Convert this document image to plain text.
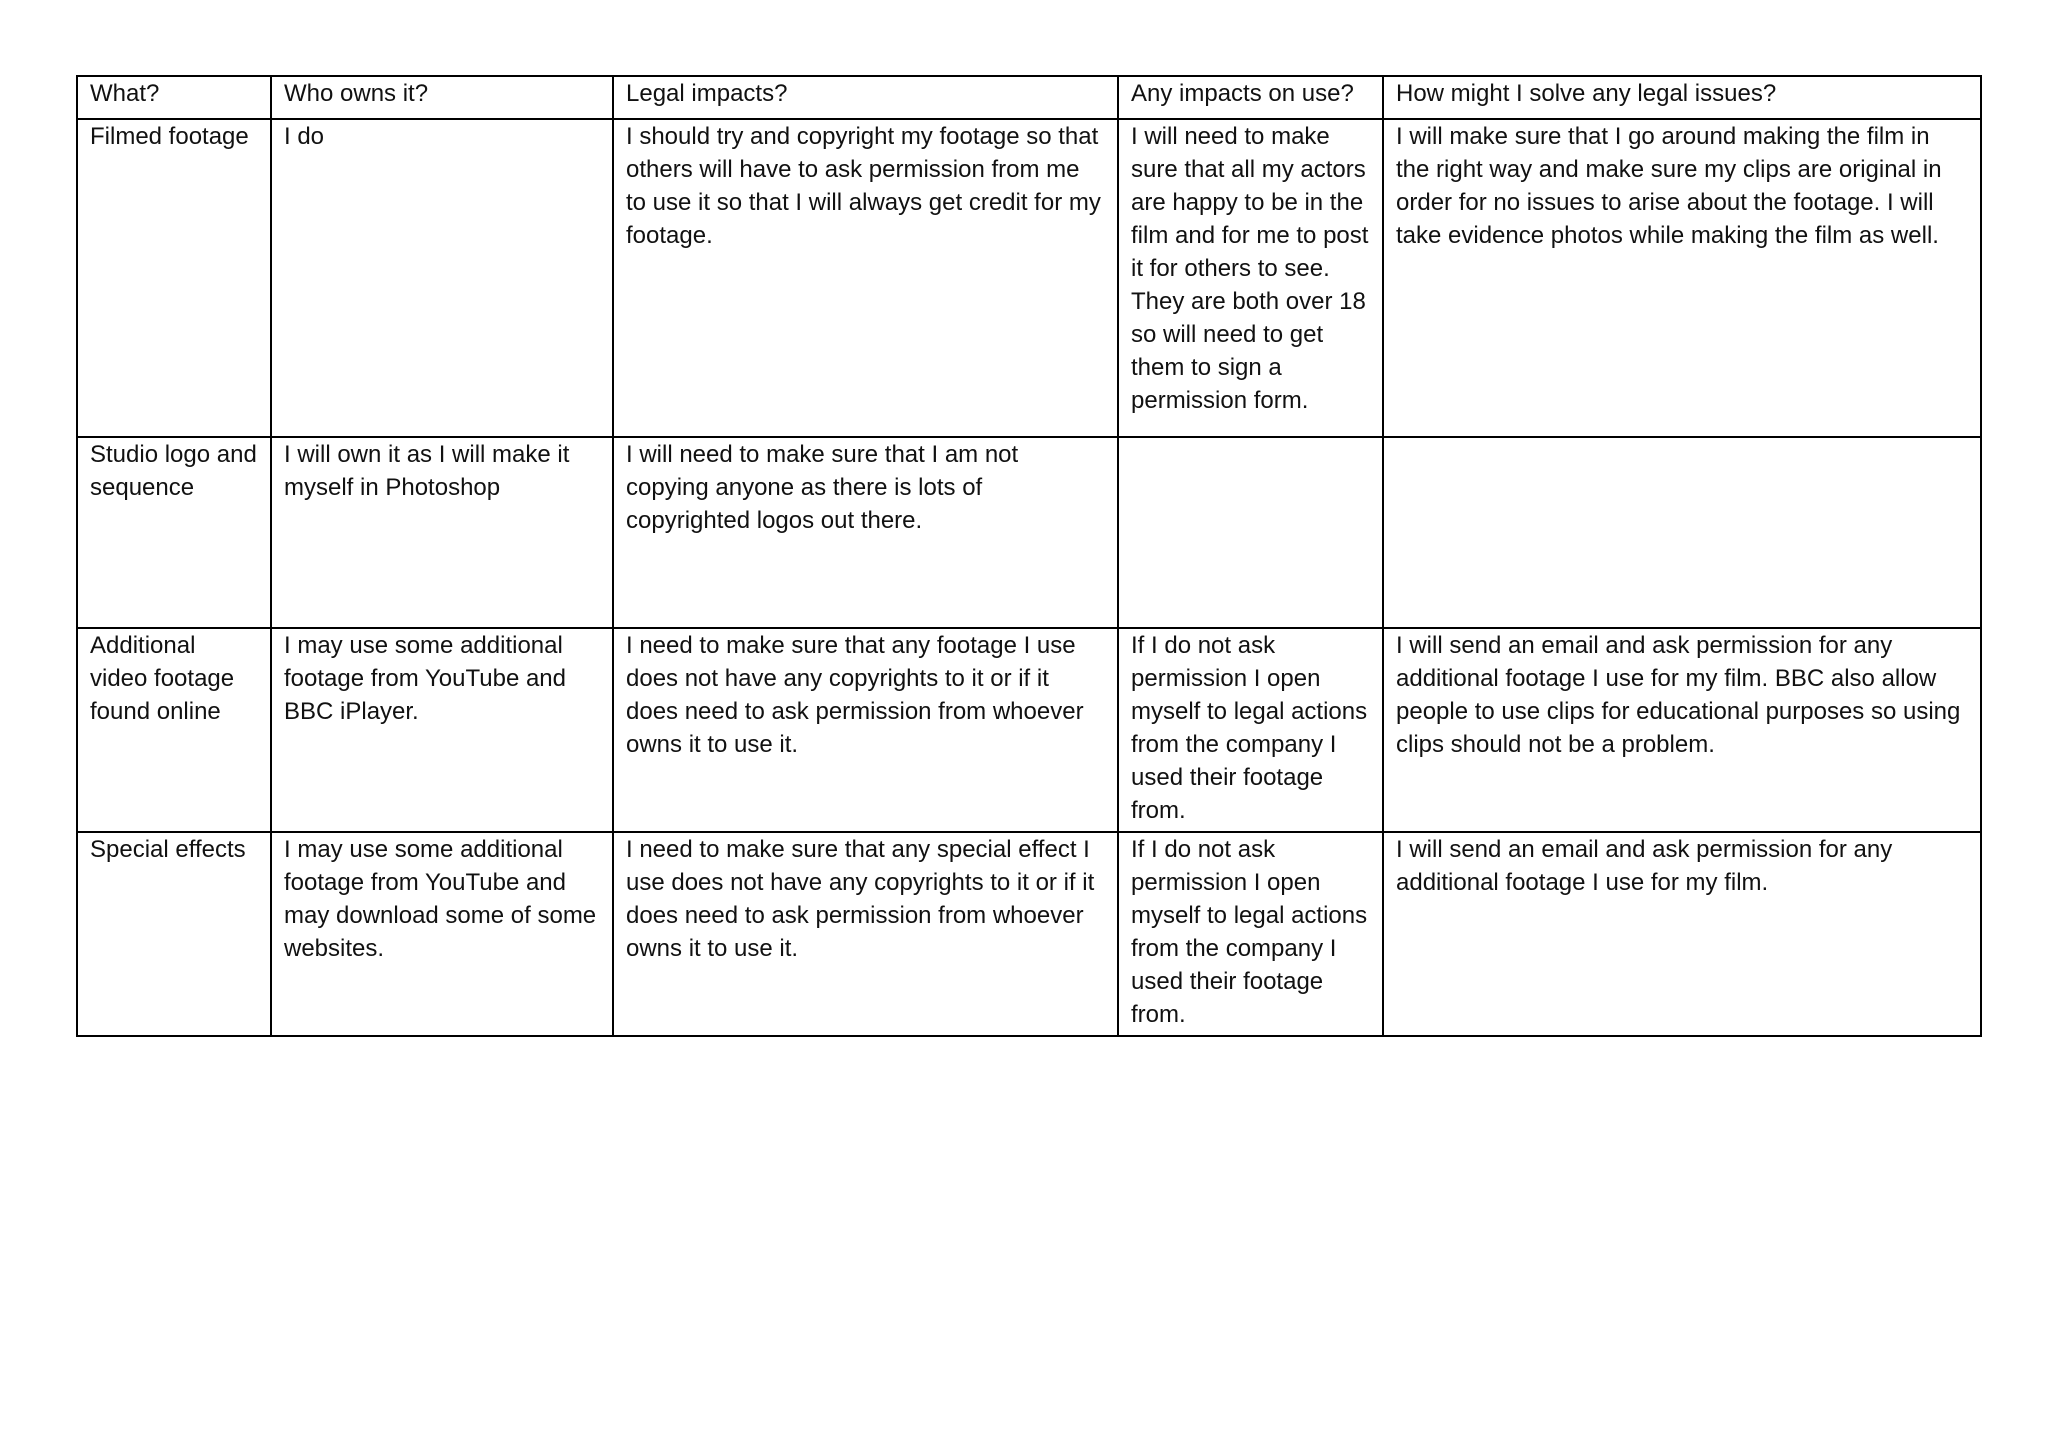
What?	Who owns it?	Legal impacts?	Any impacts on use?	How might I solve any legal issues?

Filmed footage	I do	I should try and copyright my footage so that others will have to ask permission from me to use it so that I will always get credit for my footage.	I will need to make sure that all my actors are happy to be in the film and for me to post it for others to see. They are both over 18 so will need to get them to sign a permission form.	I will make sure that I go around making the film in the right way and make sure my clips are original in order for no issues to arise about the footage. I will take evidence photos while making the film as well.
Studio logo and sequence	I will own it as I will make it myself in Photoshop	I will need to make sure that I am not copying anyone as there is lots of copyrighted logos out there.		
Additional video footage found online	I may use some additional footage from YouTube and BBC iPlayer.	I need to make sure that any footage I use does not have any copyrights to it or if it does need to ask permission from whoever owns it to use it.	If I do not ask permission I open myself to legal actions from the company I used their footage from.	I will send an email and ask permission for any additional footage I use for my film. BBC also allow people to use clips for educational purposes so using clips should not be a problem.
Special effects	I may use some additional footage from YouTube and may download some of some websites.	I need to make sure that any special effect I use does not have any copyrights to it or if it does need to ask permission from whoever owns it to use it.	If I do not ask permission I open myself to legal actions from the company I used their footage from.	I will send an email and ask permission for any additional footage I use for my film.
